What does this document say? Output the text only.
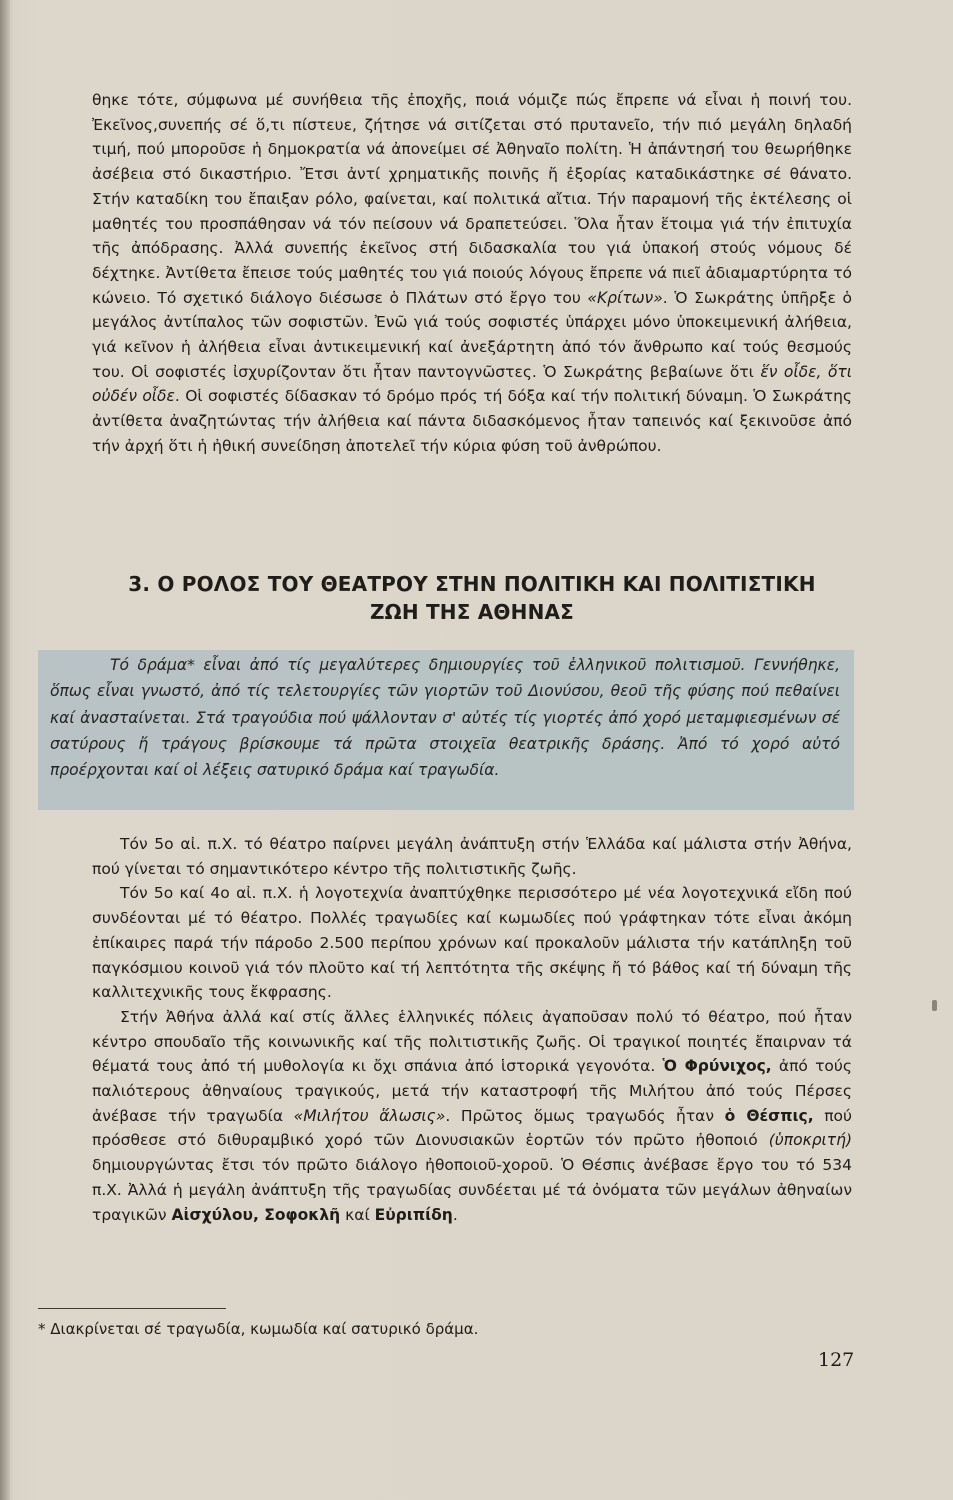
θηκε τότε, σύμφωνα μέ συνήθεια τῆς ἐποχῆς, ποιά νόμιζε πώς ἔπρεπε νά εἶναι ἡ ποινή του. Ἐκεῖνος,συνεπής σέ ὅ,τι πίστευε, ζήτησε νά σιτίζεται στό πρυτανεῖο, τήν πιό μεγάλη δηλαδή τιμή, πού μποροῦσε ἡ δημοκρατία νά ἀπονείμει σέ Ἀθηναῖο πολίτη. Ἡ ἀπάντησή του θεωρήθηκε ἀσέβεια στό δικαστήριο. Ἔτσι ἀντί χρηματικῆς ποινῆς ἤ ἐξορίας καταδικάστηκε σέ θάνατο. Στήν καταδίκη του ἔπαιξαν ρόλο, φαίνεται, καί πολιτικά αἴτια. Τήν παραμονή τῆς ἐκτέλεσης οἱ μαθητές του προσπάθησαν νά τόν πείσουν νά δραπετεύσει. Ὅλα ἦταν ἕτοιμα γιά τήν ἐπιτυχία τῆς ἀπόδρασης. Ἀλλά συνεπής ἐκεῖνος στή διδασκαλία του γιά ὑπακοή στούς νόμους δέ δέχτηκε. Ἀντίθετα ἔπεισε τούς μαθητές του γιά ποιούς λόγους ἔπρεπε νά πιεῖ ἀδιαμαρτύρητα τό κώνειο. Τό σχετικό διάλογο διέσωσε ὁ Πλάτων στό ἔργο του «Κρίτων». Ὁ Σωκράτης ὑπῆρξε ὁ μεγάλος ἀντίπαλος τῶν σοφιστῶν. Ἐνῶ γιά τούς σοφιστές ὑπάρχει μόνο ὑποκειμενική ἀλήθεια, γιά κεῖνον ἡ ἀλήθεια εἶναι ἀντικειμενική καί ἀνεξάρτητη ἀπό τόν ἄνθρωπο καί τούς θεσμούς του. Οἱ σοφιστές ἰσχυρίζονταν ὅτι ἦταν παντογνῶστες. Ὁ Σωκράτης βεβαίωνε ὅτι ἕν οἶδε, ὅτι οὐδέν οἶδε. Οἱ σοφιστές δίδασκαν τό δρόμο πρός τή δόξα καί τήν πολιτική δύναμη. Ὁ Σωκράτης ἀντίθετα ἀναζητώντας τήν ἀλήθεια καί πάντα διδασκόμενος ἦταν ταπεινός καί ξεκινοῦσε ἀπό τήν ἀρχή ὅτι ἡ ἠθική συνείδηση ἀποτελεῖ τήν κύρια φύση τοῦ ἀνθρώπου.

3. Ο ΡΟΛΟΣ ΤΟΥ ΘΕΑΤΡΟΥ ΣΤΗΝ ΠΟΛΙΤΙΚΗ ΚΑΙ ΠΟΛΙΤΙΣΤΙΚΗ
ΖΩΗ ΤΗΣ ΑΘΗΝΑΣ

Τό δράμα* εἶναι ἀπό τίς μεγαλύτερες δημιουργίες τοῦ ἑλληνικοῦ πολιτισμοῦ. Γεννήθηκε, ὅπως εἶναι γνωστό, ἀπό τίς τελετουργίες τῶν γιορτῶν τοῦ Διονύσου, θεοῦ τῆς φύσης πού πεθαίνει καί ἀνασταίνεται. Στά τραγούδια πού ψάλλονταν σ' αὐτές τίς γιορτές ἀπό χορό μεταμφιεσμένων σέ σατύρους ἤ τράγους βρίσκουμε τά πρῶτα στοιχεῖα θεατρικῆς δράσης. Ἀπό τό χορό αὐτό προέρχονται καί οἱ λέξεις σατυρικό δράμα καί τραγωδία.

Τόν 5ο αἰ. π.Χ. τό θέατρο παίρνει μεγάλη ἀνάπτυξη στήν Ἑλλάδα καί μάλιστα στήν Ἀθήνα, πού γίνεται τό σημαντικότερο κέντρο τῆς πολιτιστικῆς ζωῆς.

Τόν 5ο καί 4ο αἰ. π.Χ. ἡ λογοτεχνία ἀναπτύχθηκε περισσότερο μέ νέα λογοτεχνικά εἴδη πού συνδέονται μέ τό θέατρο. Πολλές τραγωδίες καί κωμωδίες πού γράφτηκαν τότε εἶναι ἀκόμη ἐπίκαιρες παρά τήν πάροδο 2.500 περίπου χρόνων καί προκαλοῦν μάλιστα τήν κατάπληξη τοῦ παγκόσμιου κοινοῦ γιά τόν πλοῦτο καί τή λεπτότητα τῆς σκέψης ἤ τό βάθος καί τή δύναμη τῆς καλλιτεχνικῆς τους ἔκφρασης.

Στήν Ἀθήνα ἀλλά καί στίς ἄλλες ἑλληνικές πόλεις ἀγαποῦσαν πολύ τό θέατρο, πού ἦταν κέντρο σπουδαῖο τῆς κοινωνικῆς καί τῆς πολιτιστικῆς ζωῆς. Οἱ τραγικοί ποιητές ἔπαιρναν τά θέματά τους ἀπό τή μυθολογία κι ὄχι σπάνια ἀπό ἱστορικά γεγονότα. Ὁ Φρύνιχος, ἀπό τούς παλιότερους ἀθηναίους τραγικούς, μετά τήν καταστροφή τῆς Μιλήτου ἀπό τούς Πέρσες ἀνέβασε τήν τραγωδία «Μιλήτου ἅλωσις». Πρῶτος ὅμως τραγωδός ἦταν ὁ Θέσπις, πού πρόσθεσε στό διθυραμβικό χορό τῶν Διονυσιακῶν ἑορτῶν τόν πρῶτο ἠθοποιό (ὑποκριτή) δημιουργώντας ἔτσι τόν πρῶτο διάλογο ἠθοποιοῦ-χοροῦ. Ὁ Θέσπις ἀνέβασε ἔργο του τό 534 π.Χ. Ἀλλά ἡ μεγάλη ἀνάπτυξη τῆς τραγωδίας συνδέεται μέ τά ὀνόματα τῶν μεγάλων ἀθηναίων τραγικῶν Αἰσχύλου, Σοφοκλῆ καί Εὐριπίδη.

* Διακρίνεται σέ τραγωδία, κωμωδία καί σατυρικό δράμα.
127
